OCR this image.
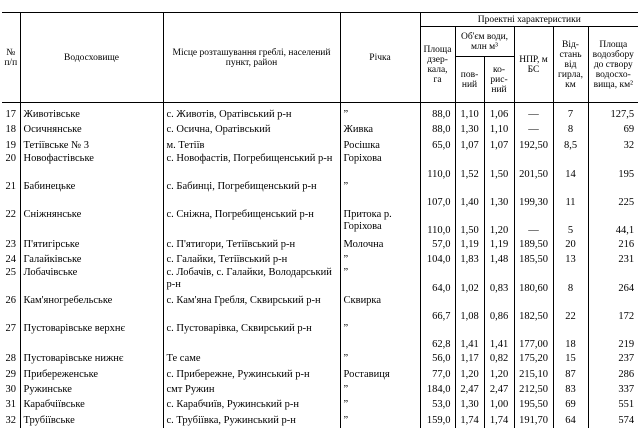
№ п/п	Водосховище	Місце розташування греблі, населений пункт, район	Річка	Проектні характеристики					
				Площа дзер-кала, га	Об'єм води, млн м³		НПР, м БС	Від-стань від гирла, км	Площа водозбору до створу водосхо-вища, км²
					пов-ний	ко-рис-ний			

17	Животівське	с. Животів, Оратівський р-н	”	88,0	1,10	1,06	—	7	127,5
18	Осичнянське	с. Осична, Оратівський	Живка	88,0	1,30	1,10	—	8	69
19	Тетіївське № 3	м. Тетіїв	Росішка	65,0	1,07	1,07	192,50	8,5	32
20	Новофастівське	с. Новофастів, Погребищенський р-н	Горіхова	110,0	1,52	1,50	201,50	14	195
21	Бабинецьке	с. Бабинці, Погребищенський р-н	”	107,0	1,40	1,30	199,30	11	225
22	Сніжнянське	с. Сніжна, Погребищенський р-н	Притока р. Горіхова	110,0	1,50	1,20	—	5	44,1
23	П'ятигірське	с. П'ятигори, Тетіївський р-н	Молочна	57,0	1,19	1,19	189,50	20	216
24	Галайківське	с. Галайки, Тетіївський р-н	”	104,0	1,83	1,48	185,50	13	231
25	Лобачівське	с. Лобачів, с. Галайки, Володарський р-н	”	64,0	1,02	0,83	180,60	8	264
26	Кам'яногребельське	с. Кам'яна Гребля, Сквирський р-н	Сквирка	66,7	1,08	0,86	182,50	22	172
27	Пустоварівське верхнє	с. Пустоварівка, Сквирський р-н	”	62,8	1,41	1,41	177,00	18	219
28	Пустоварівське нижнє	Те саме	”	56,0	1,17	0,82	175,20	15	237
29	Прибереженське	с. Прибережне, Ружинський р-н	Роставиця	77,0	1,20	1,20	215,10	87	286
30	Ружинське	смт Ружин	”	184,0	2,47	2,47	212,50	83	337
31	Карабчіївське	с. Карабчиїв, Ружинський р-н	”	53,0	1,30	1,00	195,50	69	551
32	Трубіївське	с. Трубіївка, Ружинський р-н	”	159,0	1,74	1,74	191,70	64	574
